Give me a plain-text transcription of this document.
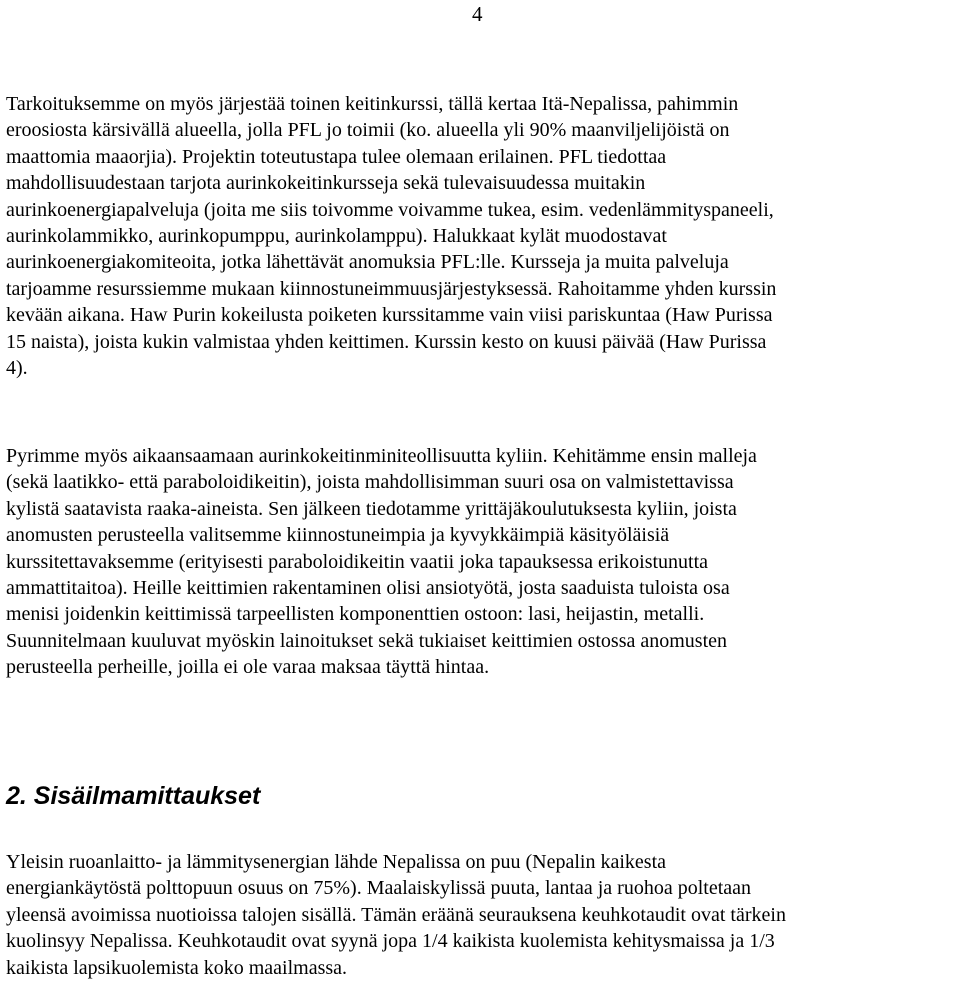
4

Tarkoituksemme on myös järjestää toinen keitinkurssi, tällä kertaa Itä-Nepalissa, pahimmin
eroosiosta kärsivällä alueella, jolla PFL jo toimii (ko. alueella yli 90% maanviljelijöistä on
maattomia maaorjia). Projektin toteutustapa tulee olemaan erilainen. PFL tiedottaa
mahdollisuudestaan tarjota aurinkokeitinkursseja sekä tulevaisuudessa muitakin
aurinkoenergiapalveluja (joita me siis toivomme voivamme tukea, esim. vedenlämmityspaneeli,
aurinkolammikko, aurinkopumppu, aurinkolamppu). Halukkaat kylät muodostavat
aurinkoenergiakomiteoita, jotka lähettävät anomuksia PFL:lle. Kursseja ja muita palveluja
tarjoamme resurssiemme mukaan kiinnostuneimmuusjärjestyksessä. Rahoitamme yhden kurssin
kevään aikana. Haw Purin kokeilusta poiketen kurssitamme vain viisi pariskuntaa (Haw Purissa
15 naista), joista kukin valmistaa yhden keittimen. Kurssin kesto on kuusi päivää (Haw Purissa
4).

Pyrimme myös aikaansaamaan aurinkokeitinminiteollisuutta kyliin. Kehitämme ensin malleja
(sekä laatikko- että paraboloidikeitin), joista mahdollisimman suuri osa on valmistettavissa
kylistä saatavista raaka-aineista. Sen jälkeen tiedotamme yrittäjäkoulutuksesta kyliin, joista
anomusten perusteella valitsemme kiinnostuneimpia ja kyvykkäimpiä käsityöläisiä
kurssitettavaksemme (erityisesti paraboloidikeitin vaatii joka tapauksessa erikoistunutta
ammattitaitoa). Heille keittimien rakentaminen olisi ansiotyötä, josta saaduista tuloista osa
menisi joidenkin keittimissä tarpeellisten komponenttien ostoon: lasi, heijastin, metalli.
Suunnitelmaan kuuluvat myöskin lainoitukset sekä tukiaiset keittimien ostossa anomusten
perusteella perheille, joilla ei ole varaa maksaa täyttä hintaa.

2. Sisäilmamittaukset

Yleisin ruoanlaitto- ja lämmitysenergian lähde Nepalissa on puu (Nepalin kaikesta
energiankäytöstä polttopuun osuus on 75%). Maalaiskylissä puuta, lantaa ja ruohoa poltetaan
yleensä avoimissa nuotioissa talojen sisällä. Tämän eräänä seurauksena keuhkotaudit ovat tärkein
kuolinsyy Nepalissa. Keuhkotaudit ovat syynä jopa 1/4 kaikista kuolemista kehitysmaissa ja 1/3
kaikista lapsikuolemista koko maailmassa.
